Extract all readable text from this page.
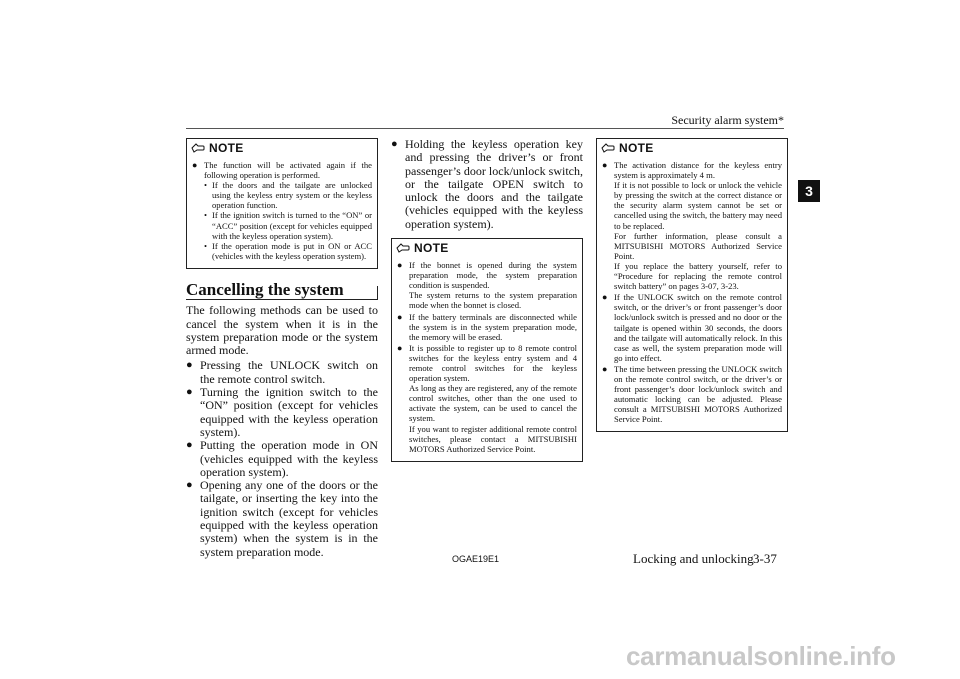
Security alarm system*
3
NOTE
● The function will be activated again if the following operation is performed.
• If the doors and the tailgate are unlocked using the keyless entry system or the keyless operation function.
• If the ignition switch is turned to the “ON” or “ACC” position (except for vehicles equipped with the keyless operation system).
• If the operation mode is put in ON or ACC (vehicles with the keyless operation system).
Cancelling the system

The following methods can be used to cancel the system when it is in the system preparation mode or the system armed mode.

● Pressing the UNLOCK switch on the remote control switch.
● Turning the ignition switch to the “ON” position (except for vehicles equipped with the keyless operation system).
● Putting the operation mode in ON (vehicles equipped with the keyless operation system).
● Opening any one of the doors or the tailgate, or inserting the key into the ignition switch (except for vehicles equipped with the keyless operation system) when the system is in the system preparation mode.
● Holding the keyless operation key and pressing the driver’s or front passenger’s door lock/unlock switch, or the tailgate OPEN switch to unlock the doors and the tailgate (vehicles equipped with the keyless operation system).
NOTE
● If the bonnet is opened during the system preparation mode, the system preparation condition is suspended.
The system returns to the system preparation mode when the bonnet is closed.
● If the battery terminals are disconnected while the system is in the system preparation mode, the memory will be erased.
● It is possible to register up to 8 remote control switches for the keyless entry system and 4 remote control switches for the keyless operation system.
As long as they are registered, any of the remote control switches, other than the one used to activate the system, can be used to cancel the system.
If you want to register additional remote control switches, please contact a MITSUBISHI MOTORS Authorized Service Point.
NOTE
● The activation distance for the keyless entry system is approximately 4 m.
If it is not possible to lock or unlock the vehicle by pressing the switch at the correct distance or the security alarm system cannot be set or cancelled using the switch, the battery may need to be replaced.
For further information, please consult a MITSUBISHI MOTORS Authorized Service Point.
If you replace the battery yourself, refer to “Procedure for replacing the remote control switch battery” on pages 3-07, 3-23.
● If the UNLOCK switch on the remote control switch, or the driver’s or front passenger’s door lock/unlock switch is pressed and no door or the tailgate is opened within 30 seconds, the doors and the tailgate will automatically relock. In this case as well, the system preparation mode will go into effect.
● The time between pressing the UNLOCK switch on the remote control switch, or the driver’s or front passenger’s door lock/unlock switch and automatic locking can be adjusted. Please consult a MITSUBISHI MOTORS Authorized Service Point.
OGAE19E1	Locking and unlocking 3-37
carmanualsonline.info
